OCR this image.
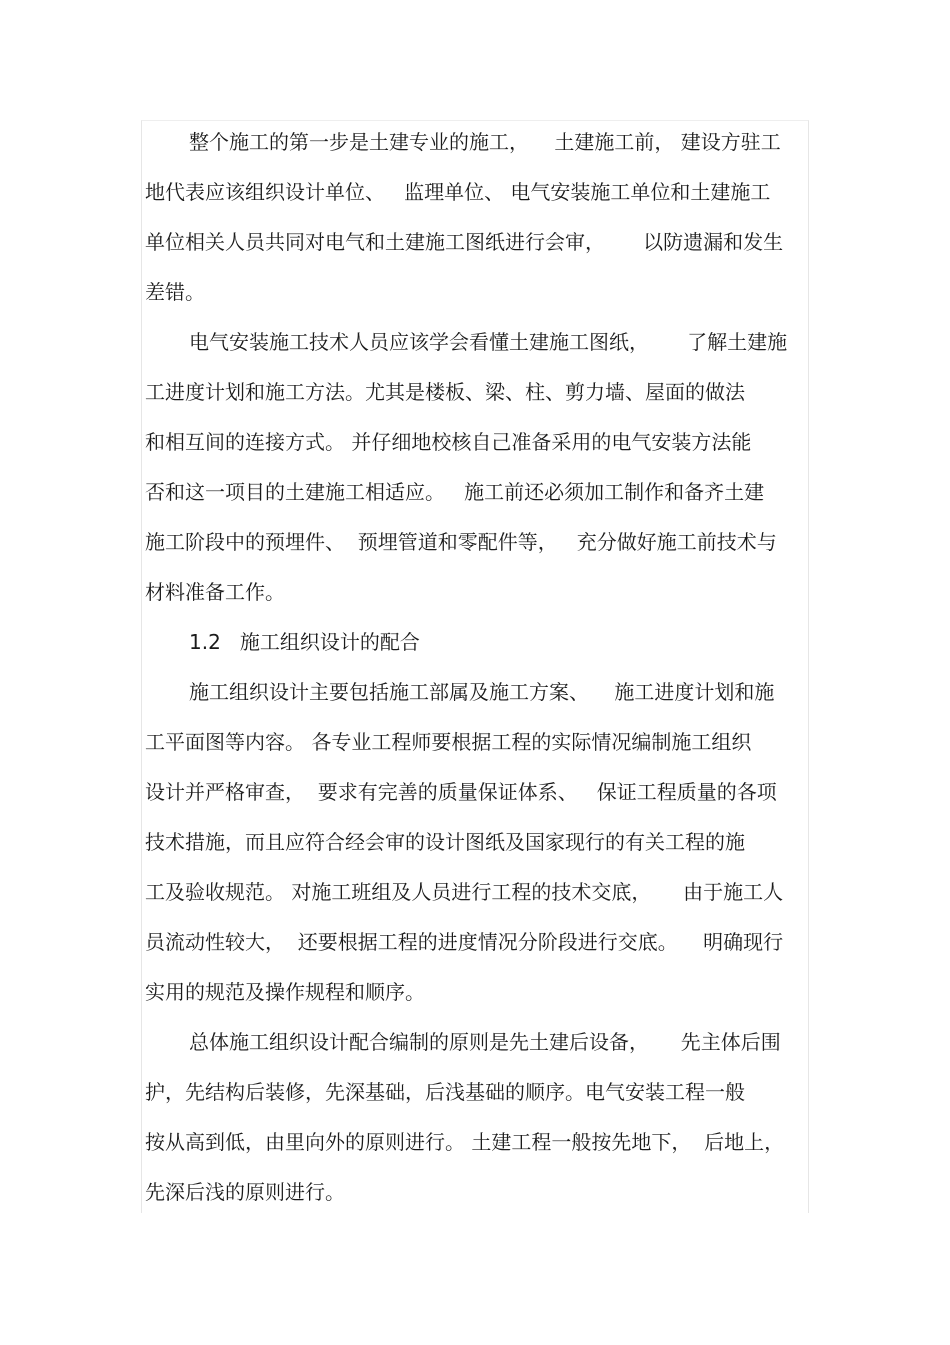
整个施工的第一步是土建专业的施工，    土建施工前， 建设方驻工
地代表应该组织设计单位、   监理单位、 电气安装施工单位和土建施工
单位相关人员共同对电气和土建施工图纸进行会审，      以防遗漏和发生
差错。
电气安装施工技术人员应该学会看懂土建施工图纸，      了解土建施
工进度计划和施工方法。尤其是楼板、梁、柱、剪力墙、屋面的做法
和相互间的连接方式。 并仔细地校核自己准备采用的电气安装方法能
否和这一项目的土建施工相适应。   施工前还必须加工制作和备齐土建
施工阶段中的预埋件、  预埋管道和零配件等，   充分做好施工前技术与
材料准备工作。
1.2   施工组织设计的配合
施工组织设计主要包括施工部属及施工方案、    施工进度计划和施
工平面图等内容。 各专业工程师要根据工程的实际情况编制施工组织
设计并严格审查，  要求有完善的质量保证体系、   保证工程质量的各项
技术措施，而且应符合经会审的设计图纸及国家现行的有关工程的施
工及验收规范。 对施工班组及人员进行工程的技术交底，     由于施工人
员流动性较大，  还要根据工程的进度情况分阶段进行交底。    明确现行
实用的规范及操作规程和顺序。
总体施工组织设计配合编制的原则是先土建后设备，     先主体后围
护，先结构后装修，先深基础，后浅基础的顺序。电气安装工程一般
按从高到低，由里向外的原则进行。 土建工程一般按先地下，  后地上，
先深后浅的原则进行。
